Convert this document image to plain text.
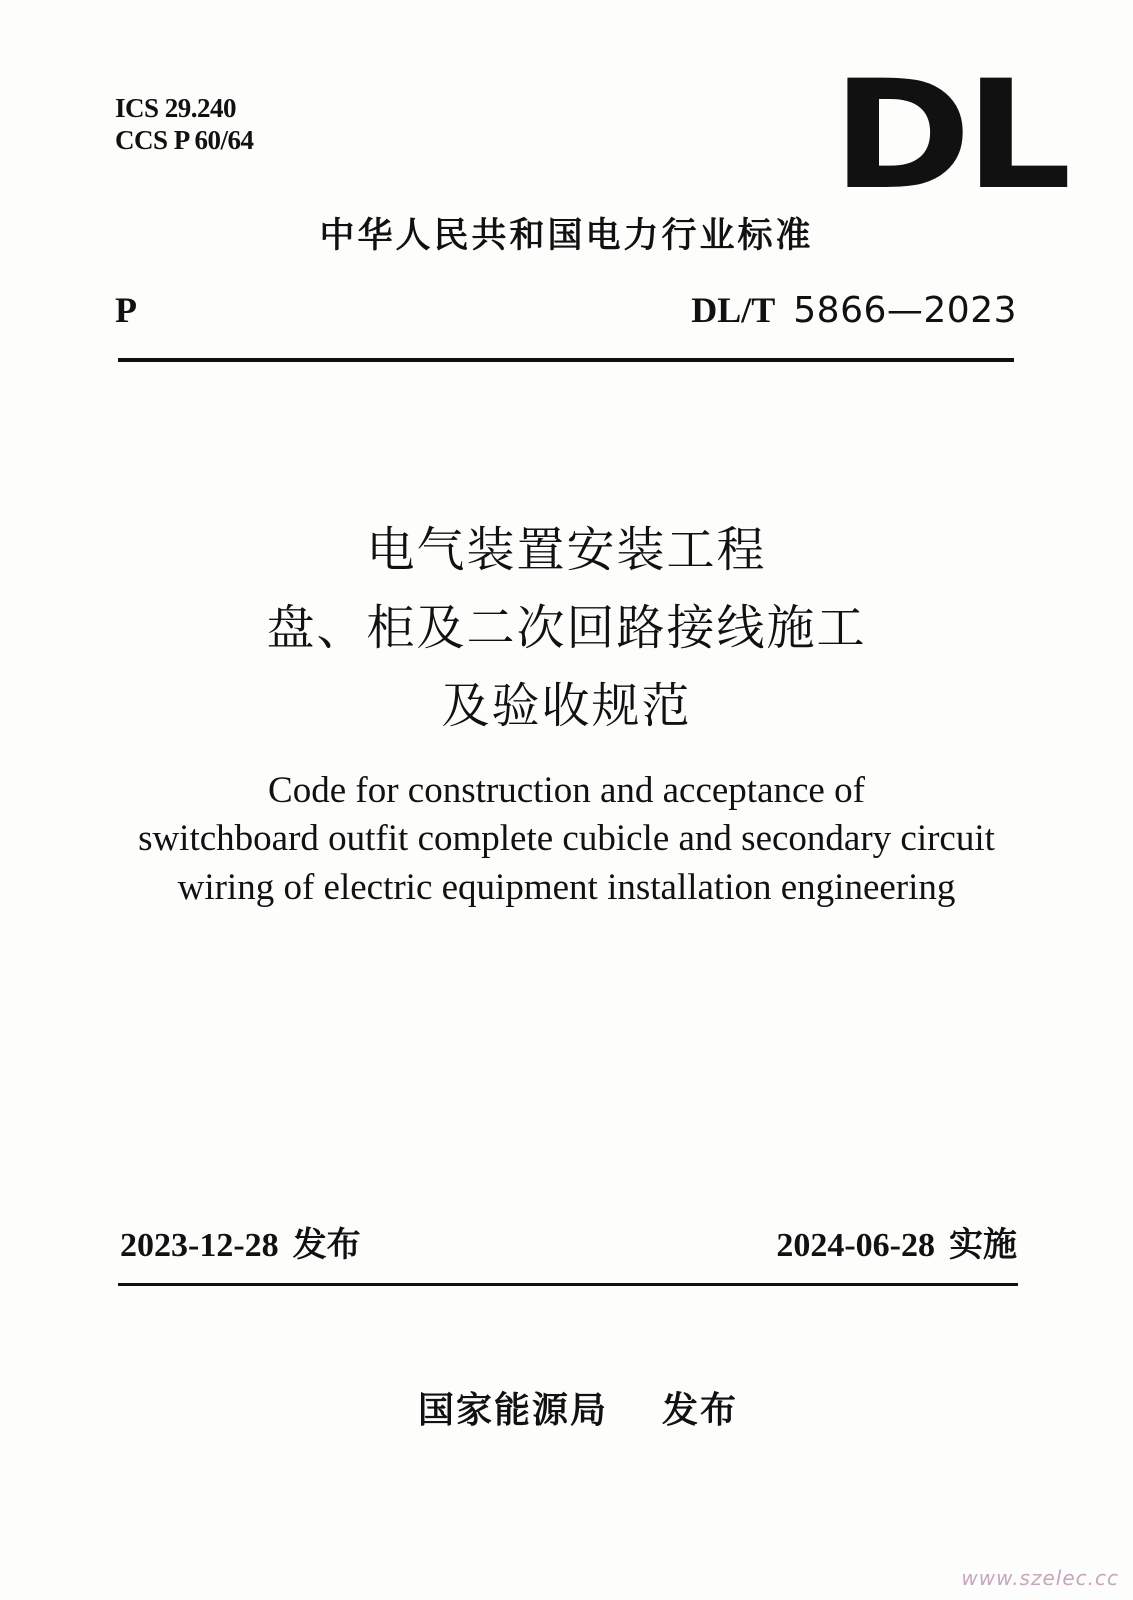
ICS 29.240
CCS P 60/64	DL
中华人民共和国电力行业标准
P	DL/T 5866—2023
电气装置安装工程
盘、柜及二次回路接线施工
及验收规范
Code for construction and acceptance of
switchboard outfit complete cubicle and secondary circuit
wiring of electric equipment installation engineering
2023-12-28 发布	2024-06-28 实施
国家能源局 发布
www.szelec.cc
